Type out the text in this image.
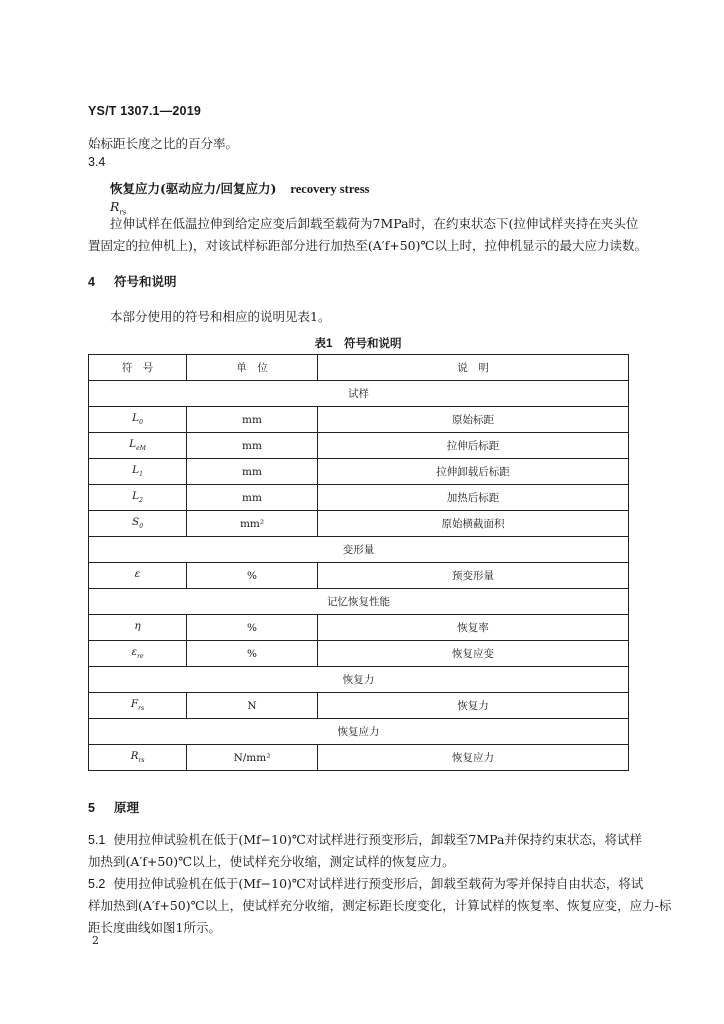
YS/T 1307.1—2019
始标距长度之比的百分率。
3.4
恢复应力(驱动应力/回复应力) recovery stress
$R_{rs}$
拉伸试样在低温拉伸到给定应变后卸载至载荷为7MPa时，在约束状态下(拉伸试样夹持在夹头位
置固定的拉伸机上)，对该试样标距部分进行加热至(A′f+50)℃以上时，拉伸机显示的最大应力读数。
4 符号和说明
本部分使用的符号和相应的说明见表1。
表1　符号和说明
符　号	单　位	说　明
试样		
$L_0$	mm	原始标距
$L_{eM}$	mm	拉伸后标距
$L_1$	mm	拉伸卸载后标距
$L_2$	mm	加热后标距
$S_0$	mm²	原始横截面积
变形量		
ε	%	预变形量
记忆恢复性能		
η	%	恢复率
$\varepsilon_{re}$	%	恢复应变
恢复力		
$F_{rs}$	N	恢复力
恢复应力		
$R_{rs}$	N/mm²	恢复应力
5 原理
5.1 使用拉伸试验机在低于(Mf−10)℃对试样进行预变形后，卸载至7MPa并保持约束状态，将试样
加热到(A′f+50)℃以上，使试样充分收缩，测定试样的恢复应力。
5.2 使用拉伸试验机在低于(Mf−10)℃对试样进行预变形后，卸载至载荷为零并保持自由状态，将试
样加热到(A′f+50)℃以上，使试样充分收缩，测定标距长度变化，计算试样的恢复率、恢复应变，应力-标
距长度曲线如图1所示。
2
